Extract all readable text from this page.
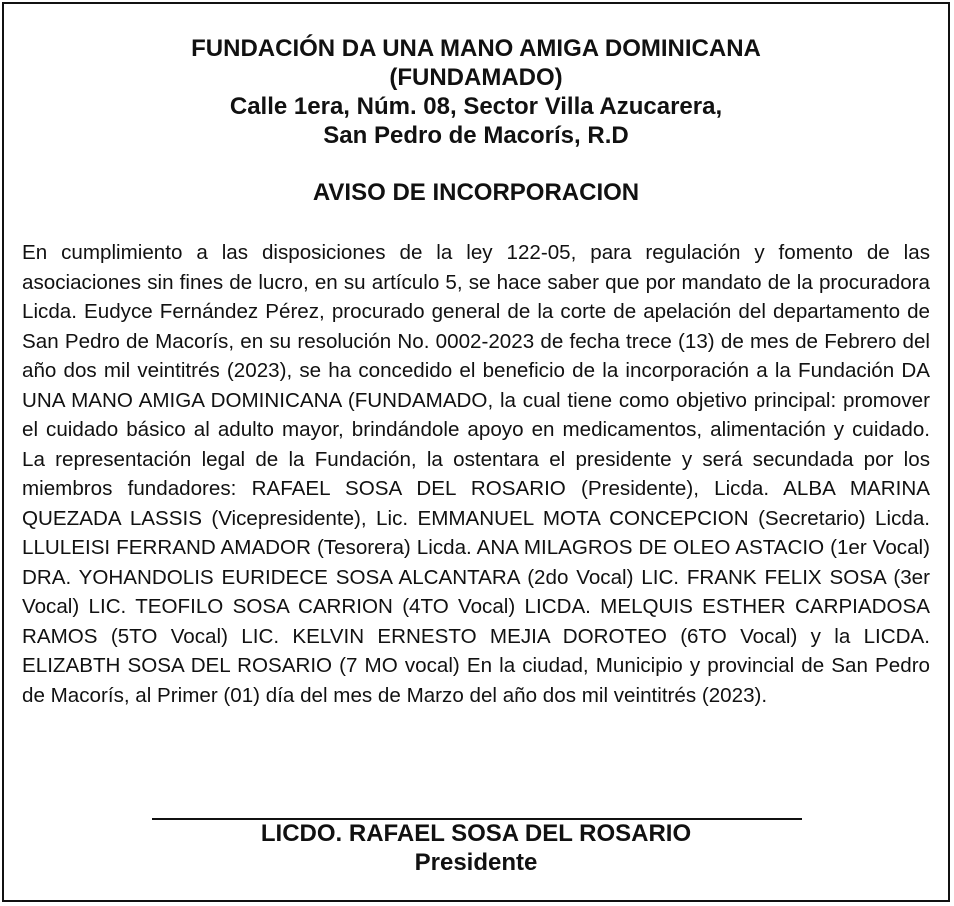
FUNDACIÓN DA UNA MANO AMIGA DOMINICANA
(FUNDAMADO)
Calle 1era, Núm. 08, Sector Villa Azucarera,
San Pedro de Macorís, R.D
AVISO DE INCORPORACION
En cumplimiento a las disposiciones de la ley 122-05, para regulación y fomento de las asociaciones sin fines de lucro, en su artículo 5, se hace saber que por mandato de la procuradora Licda. Eudyce Fernández Pérez, procurado general de la corte de apelación del departamento de San Pedro de Macorís, en su resolución No. 0002-2023 de fecha trece (13) de mes de Febrero del año dos mil veintitrés (2023), se ha concedido el beneficio de la incorporación a la Fundación DA UNA MANO AMIGA DOMINICANA (FUNDAMADO, la cual tiene como objetivo principal: promover el cuidado básico al adulto mayor, brindándole apoyo en medicamentos, alimentación y cuidado. La representación legal de la Fundación, la ostentara el presidente y será secundada por los miembros fundadores: RAFAEL SOSA DEL ROSARIO (Presidente), Licda. ALBA MARINA QUEZADA LASSIS (Vicepresidente), Lic. EMMANUEL MOTA CONCEPCION (Secretario) Licda. LLULEISI FERRAND AMADOR (Tesorera) Licda. ANA MILAGROS DE OLEO ASTACIO (1er Vocal) DRA. YOHANDOLIS EURIDECE SOSA ALCANTARA (2do Vocal) LIC. FRANK FELIX SOSA (3er Vocal) LIC. TEOFILO SOSA CARRION (4TO Vocal) LICDA. MELQUIS ESTHER CARPIADOSA RAMOS (5TO Vocal) LIC. KELVIN ERNESTO MEJIA DOROTEO (6TO Vocal) y la LICDA. ELIZABTH SOSA DEL ROSARIO (7 MO vocal) En la ciudad, Municipio y provincial de San Pedro de Macorís, al Primer (01) día del mes de Marzo del año dos mil veintitrés (2023).
LICDO. RAFAEL SOSA DEL ROSARIO
Presidente
